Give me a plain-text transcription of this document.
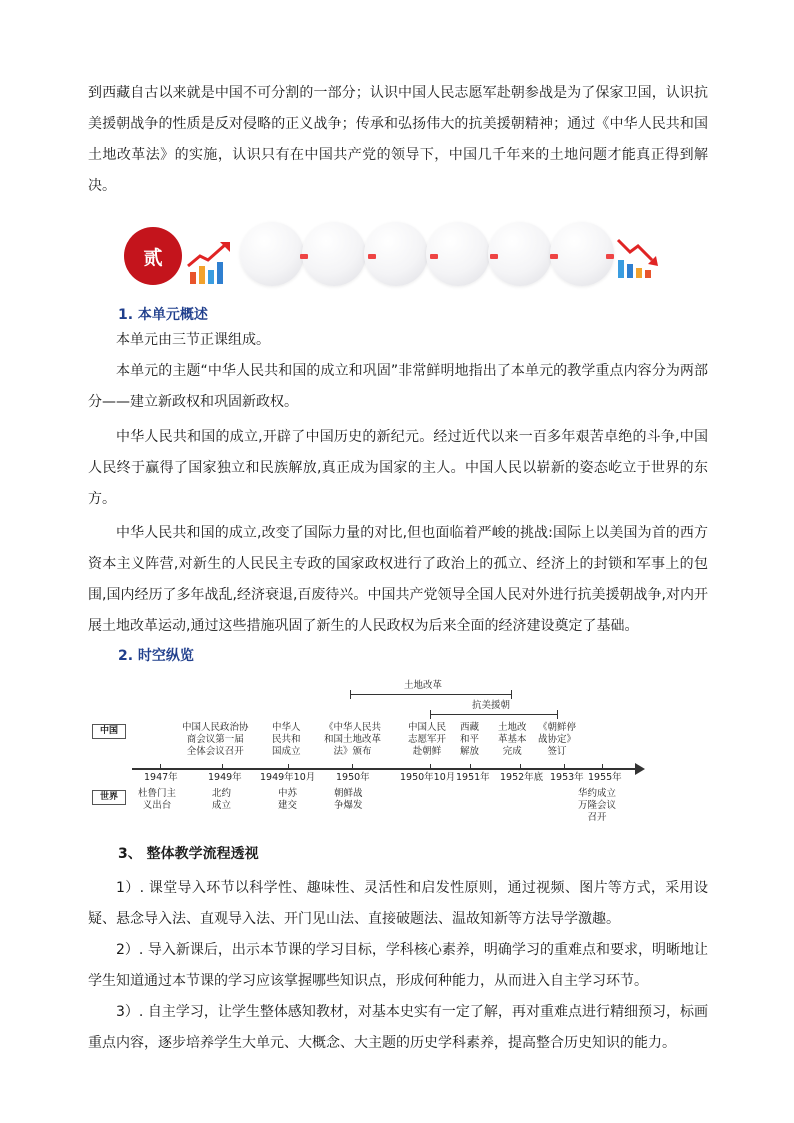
到西藏自古以来就是中国不可分割的一部分；认识中国人民志愿军赴朝参战是为了保家卫国，认识抗美援朝战争的性质是反对侵略的正义战争；传承和弘扬伟大的抗美援朝精神；通过《中华人民共和国土地改革法》的实施，认识只有在中国共产党的领导下，中国几千年来的土地问题才能真正得到解决。

贰
1. 本单元概述

本单元由三节正课组成。

本单元的主题“中华人民共和国的成立和巩固”非常鲜明地指出了本单元的教学重点内容分为两部分——建立新政权和巩固新政权。

中华人民共和国的成立,开辟了中国历史的新纪元。经过近代以来一百多年艰苦卓绝的斗争,中国人民终于赢得了国家独立和民族解放,真正成为国家的主人。中国人民以崭新的姿态屹立于世界的东方。

中华人民共和国的成立,改变了国际力量的对比,但也面临着严峻的挑战:国际上以美国为首的西方资本主义阵营,对新生的人民民主专政的国家政权进行了政治上的孤立、经济上的封锁和军事上的包围,国内经历了多年战乱,经济衰退,百废待兴。中国共产党领导全国人民对外进行抗美援朝战争,对内开展土地改革运动,通过这些措施巩固了新生的人民政权为后来全面的经济建设奠定了基础。

2. 时空纵览
土地改革
抗美援朝
中国	中国人民政治协
商会议第一届
全体会议召开
中华人
民共和
国成立
《中华人民共
和国土地改革
法》颁布
中国人民
志愿军开
赴朝鲜
西藏
和平
解放
土地改
革基本
完成
《朝鲜停
战协定》
签订
1947年	1949年 1949年10月 1950年	1950年10月 1951年 1952年底 1953年 1955年
世界	杜鲁门主
义出台
北约
成立
中苏
建交
朝鲜战
争爆发
华约成立
万隆会议
召开
3、 整体教学流程透视

1）. 课堂导入环节以科学性、趣味性、灵活性和启发性原则，通过视频、图片等方式，采用设疑、悬念导入法、直观导入法、开门见山法、直接破题法、温故知新等方法导学激趣。

2）. 导入新课后，出示本节课的学习目标，学科核心素养，明确学习的重难点和要求，明晰地让学生知道通过本节课的学习应该掌握哪些知识点，形成何种能力，从而进入自主学习环节。

3）. 自主学习，让学生整体感知教材，对基本史实有一定了解，再对重难点进行精细预习，标画重点内容，逐步培养学生大单元、大概念、大主题的历史学科素养，提高整合历史知识的能力。
